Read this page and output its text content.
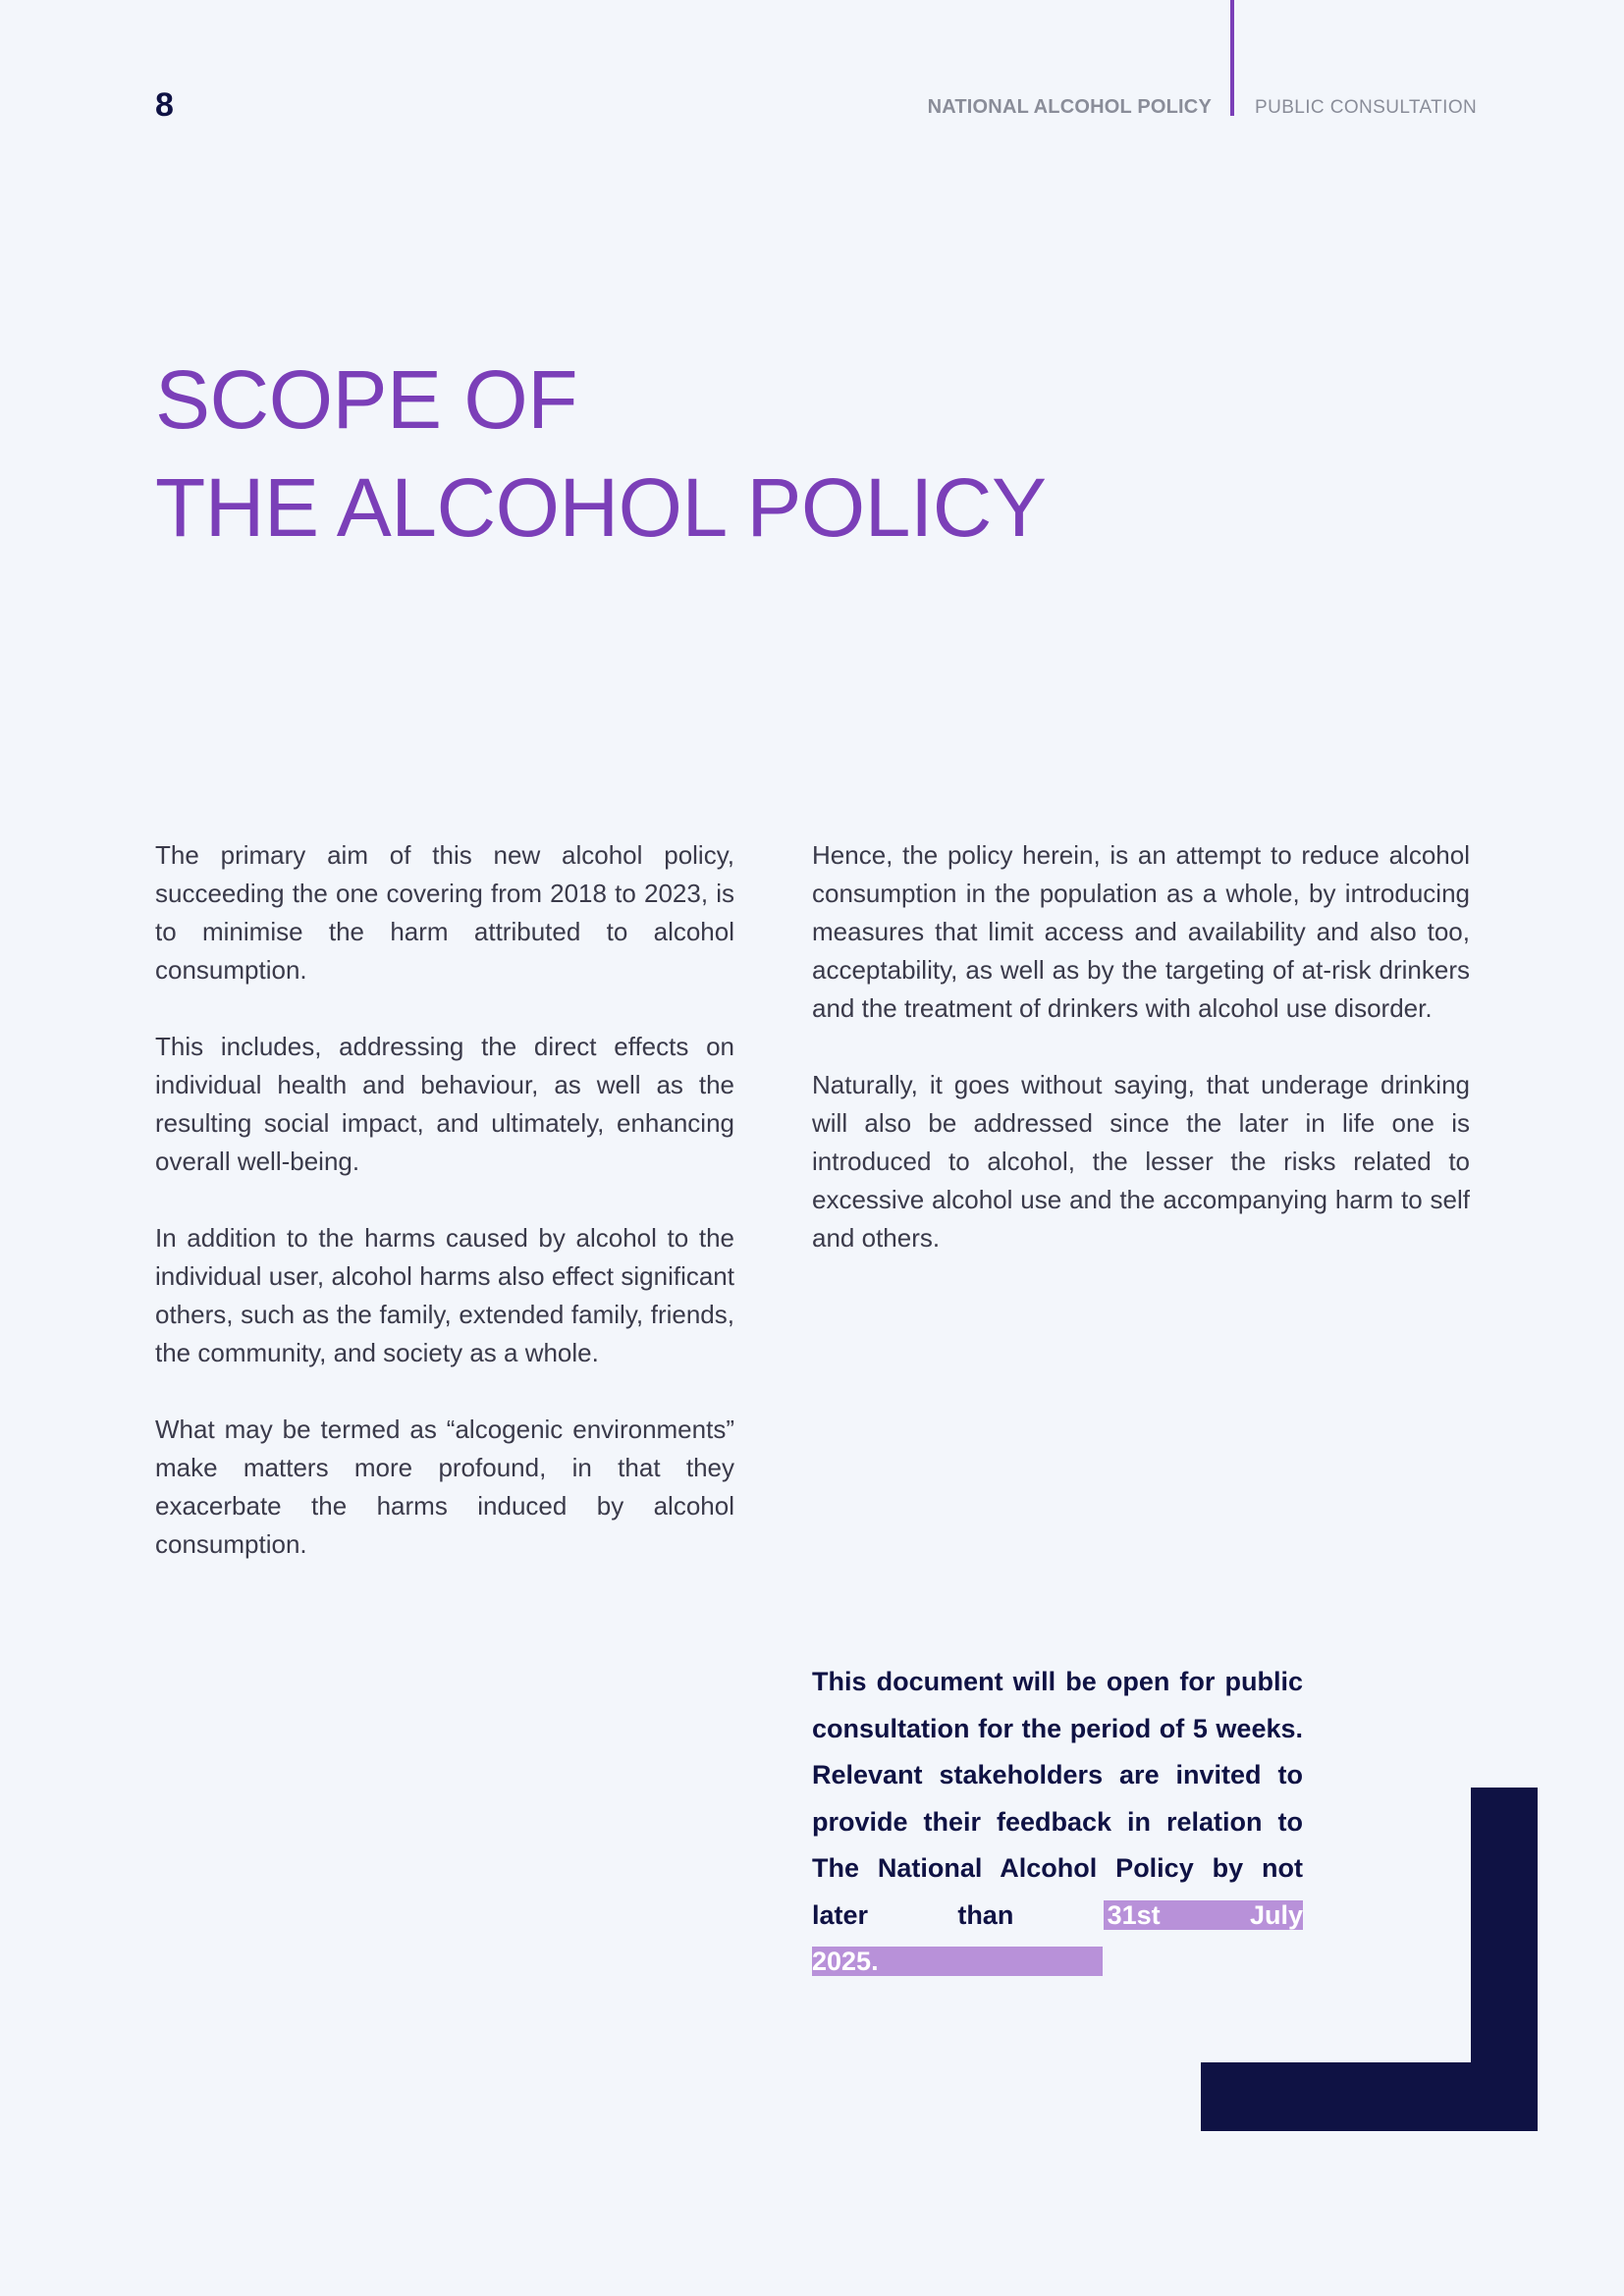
8	NATIONAL ALCOHOL POLICY PUBLIC CONSULTATION
SCOPE OF
THE ALCOHOL POLICY

The primary aim of this new alcohol policy, succeeding the one covering from 2018 to 2023, is to minimise the harm attributed to alcohol consumption.

This includes, addressing the direct effects on individual health and behaviour, as well as the resulting social impact, and ultimately, enhancing overall well-being.

In addition to the harms caused by alcohol to the individual user, alcohol harms also effect significant others, such as the family, extended family, friends, the community, and society as a whole.

What may be termed as “alcogenic environments” make matters more profound, in that they exacerbate the harms induced by alcohol consumption.

Hence, the policy herein, is an attempt to reduce alcohol consumption in the population as a whole, by introducing measures that limit access and availability and also too, acceptability, as well as by the targeting of at-risk drinkers and the treatment of drinkers with alcohol use disorder.

Naturally, it goes without saying, that underage drinking will also be addressed since the later in life one is introduced to alcohol, the lesser the risks related to excessive alcohol use and the accompanying harm to self and others.

This document will be open for public consultation for the period of 5 weeks. Relevant stakeholders are invited to provide their feedback in relation to The National Alcohol Policy by not later than	31st July 2025.
